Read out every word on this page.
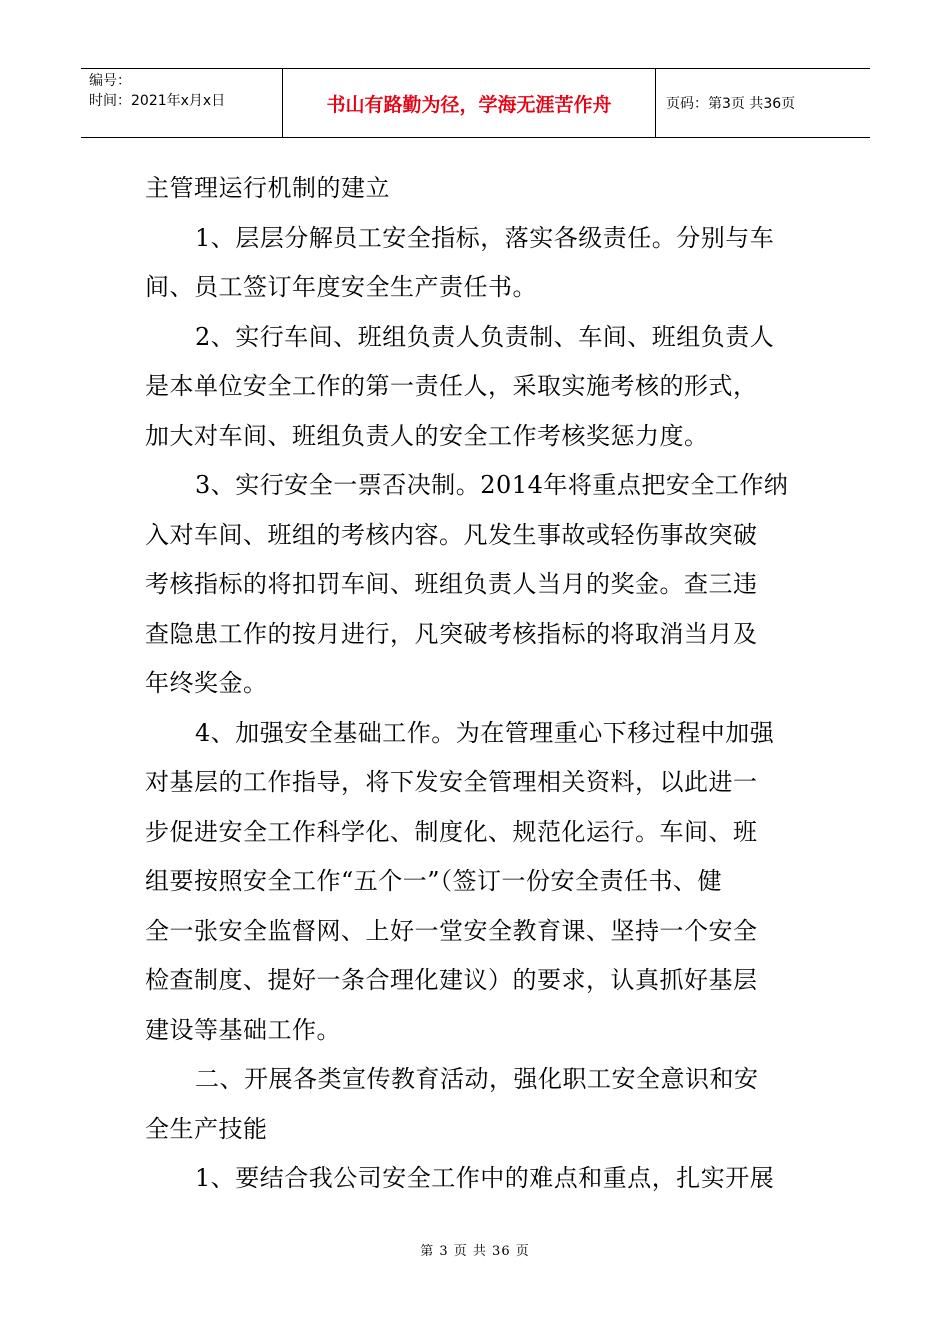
编号：
时间：2021年x月x日	书山有路勤为径，学海无涯苦作舟	页码：第3页 共36页
主管理运行机制的建立
1、层层分解员工安全指标，落实各级责任。分别与车
间、员工签订年度安全生产责任书。
2、实行车间、班组负责人负责制、车间、班组负责人
是本单位安全工作的第一责任人，采取实施考核的形式，
加大对车间、班组负责人的安全工作考核奖惩力度。
3、实行安全一票否决制。2014年将重点把安全工作纳
入对车间、班组的考核内容。凡发生事故或轻伤事故突破
考核指标的将扣罚车间、班组负责人当月的奖金。查三违
查隐患工作的按月进行，凡突破考核指标的将取消当月及
年终奖金。
4、加强安全基础工作。为在管理重心下移过程中加强
对基层的工作指导，将下发安全管理相关资料，以此进一
步促进安全工作科学化、制度化、规范化运行。车间、班
组要按照安全工作“五个一”（签订一份安全责任书、健
全一张安全监督网、上好一堂安全教育课、坚持一个安全
检查制度、提好一条合理化建议）的要求，认真抓好基层
建设等基础工作。
二、开展各类宣传教育活动，强化职工安全意识和安
全生产技能
1、要结合我公司安全工作中的难点和重点，扎实开展
第 3 页 共 36 页
